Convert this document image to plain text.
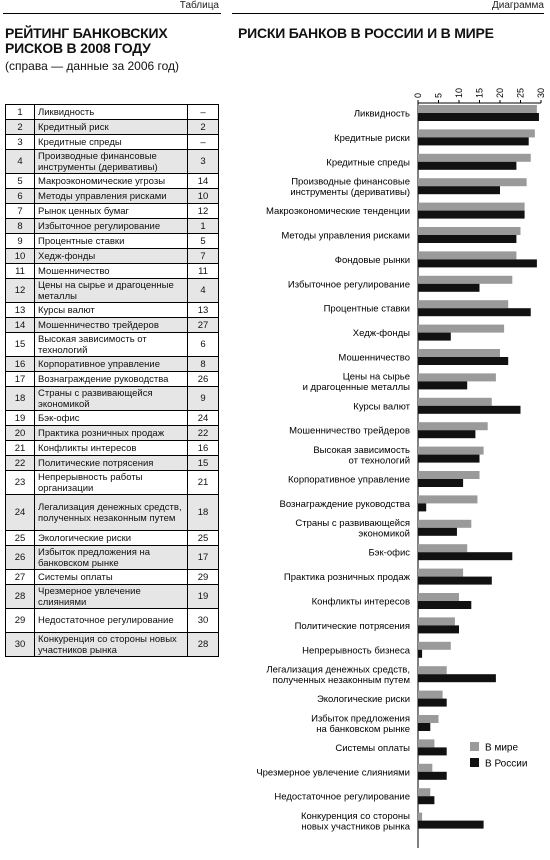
Таблица
РЕЙТИНГ БАНКОВСКИХ РИСКОВ В 2008 ГОДУ
(справа — данные за 2006 год)
1	Ликвидность	–
2	Кредитный риск	2
3	Кредитные спреды	–
4	Производные финансовые инструменты (деривативы)	3
5	Макроэкономические угрозы	14
6	Методы управления рисками	10
7	Рынок ценных бумаг	12
8	Избыточное регулирование	1
9	Процентные ставки	5
10	Хедж-фонды	7
11	Мошенничество	11
12	Цены на сырье и драгоценные металлы	4
13	Курсы валют	13
14	Мошенничество трейдеров	27
15	Высокая зависимость от технологий	6
16	Корпоративное управление	8
17	Вознаграждение руководства	26
18	Страны с развивающейся экономикой	9
19	Бэк-офис	24
20	Практика розничных продаж	22
21	Конфликты интересов	16
22	Политические потрясения	15
23	Непрерывность работы организации	21
24	Легализация денежных средств, полученных незаконным путем	18
25	Экологические риски	25
26	Избыток предложения на банковском рынке	17
27	Системы оплаты	29
28	Чрезмерное увлечение слияниями	19
29	Недостаточное регулирование	30
30	Конкуренция со стороны новых участников рынка	28
Диаграмма
РИСКИ БАНКОВ В РОССИИ И В МИРЕ
0 5 10 15 20 25 30
Ликвидность
Кредитные риски
Кредитные спреды
Производные финансовые инструменты (деривативы)
Макроэкономические тенденции
Методы управления рисками
Фондовые рынки
Избыточное регулирование
Процентные ставки
Хедж-фонды
Мошенничество
Цены на сырье и драгоценные металлы
Курсы валют
Мошенничество трейдеров
Высокая зависимость от технологий
Корпоративное управление
Вознаграждение руководства
Страны с развивающейся экономикой
Бэк-офис
Практика розничных продаж
Конфликты интересов
Политические потрясения
Непрерывность бизнеса
Легализация денежных средств, полученных незаконным путем
Экологические риски
Избыток предложения на банковском рынке
Системы оплаты
Чрезмерное увлечение слияниями
Недостаточное регулирование
Конкуренция со стороны новых участников рынка
В мире
В России
